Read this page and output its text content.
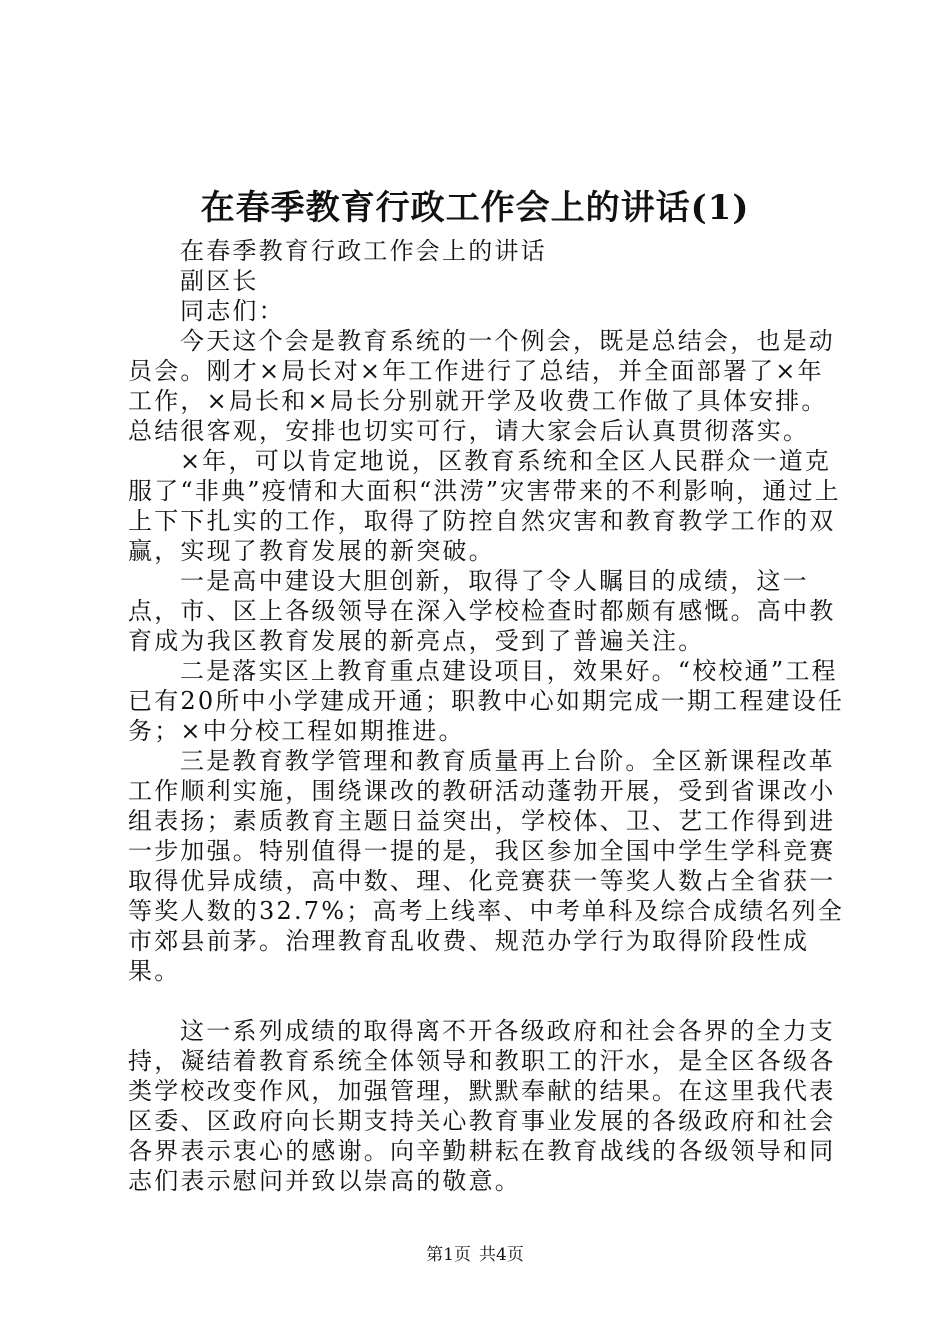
在春季教育行政工作会上的讲话(1)

在春季教育行政工作会上的讲话

副区长

同志们：

今天这个会是教育系统的一个例会，既是总结会，也是动员会。刚才×局长对×年工作进行了总结，并全面部署了×年工作，×局长和×局长分别就开学及收费工作做了具体安排。总结很客观，安排也切实可行，请大家会后认真贯彻落实。

×年，可以肯定地说，区教育系统和全区人民群众一道克服了“非典”疫情和大面积“洪涝”灾害带来的不利影响，通过上上下下扎实的工作，取得了防控自然灾害和教育教学工作的双赢，实现了教育发展的新突破。

一是高中建设大胆创新，取得了令人瞩目的成绩，这一点，市、区上各级领导在深入学校检查时都颇有感慨。高中教育成为我区教育发展的新亮点，受到了普遍关注。

二是落实区上教育重点建设项目，效果好。“校校通”工程已有20所中小学建成开通；职教中心如期完成一期工程建设任务；×中分校工程如期推进。

三是教育教学管理和教育质量再上台阶。全区新课程改革工作顺利实施，围绕课改的教研活动蓬勃开展，受到省课改小组表扬；素质教育主题日益突出，学校体、卫、艺工作得到进一步加强。特别值得一提的是，我区参加全国中学生学科竞赛取得优异成绩，高中数、理、化竞赛获一等奖人数占全省获一等奖人数的32.7%；高考上线率、中考单科及综合成绩名列全市郊县前茅。治理教育乱收费、规范办学行为取得阶段性成果。

这一系列成绩的取得离不开各级政府和社会各界的全力支持，凝结着教育系统全体领导和教职工的汗水，是全区各级各类学校改变作风，加强管理，默默奉献的结果。在这里我代表区委、区政府向长期支持关心教育事业发展的各级政府和社会各界表示衷心的感谢。向辛勤耕耘在教育战线的各级领导和同志们表示慰问并致以崇高的敬意。

第1页 共4页
